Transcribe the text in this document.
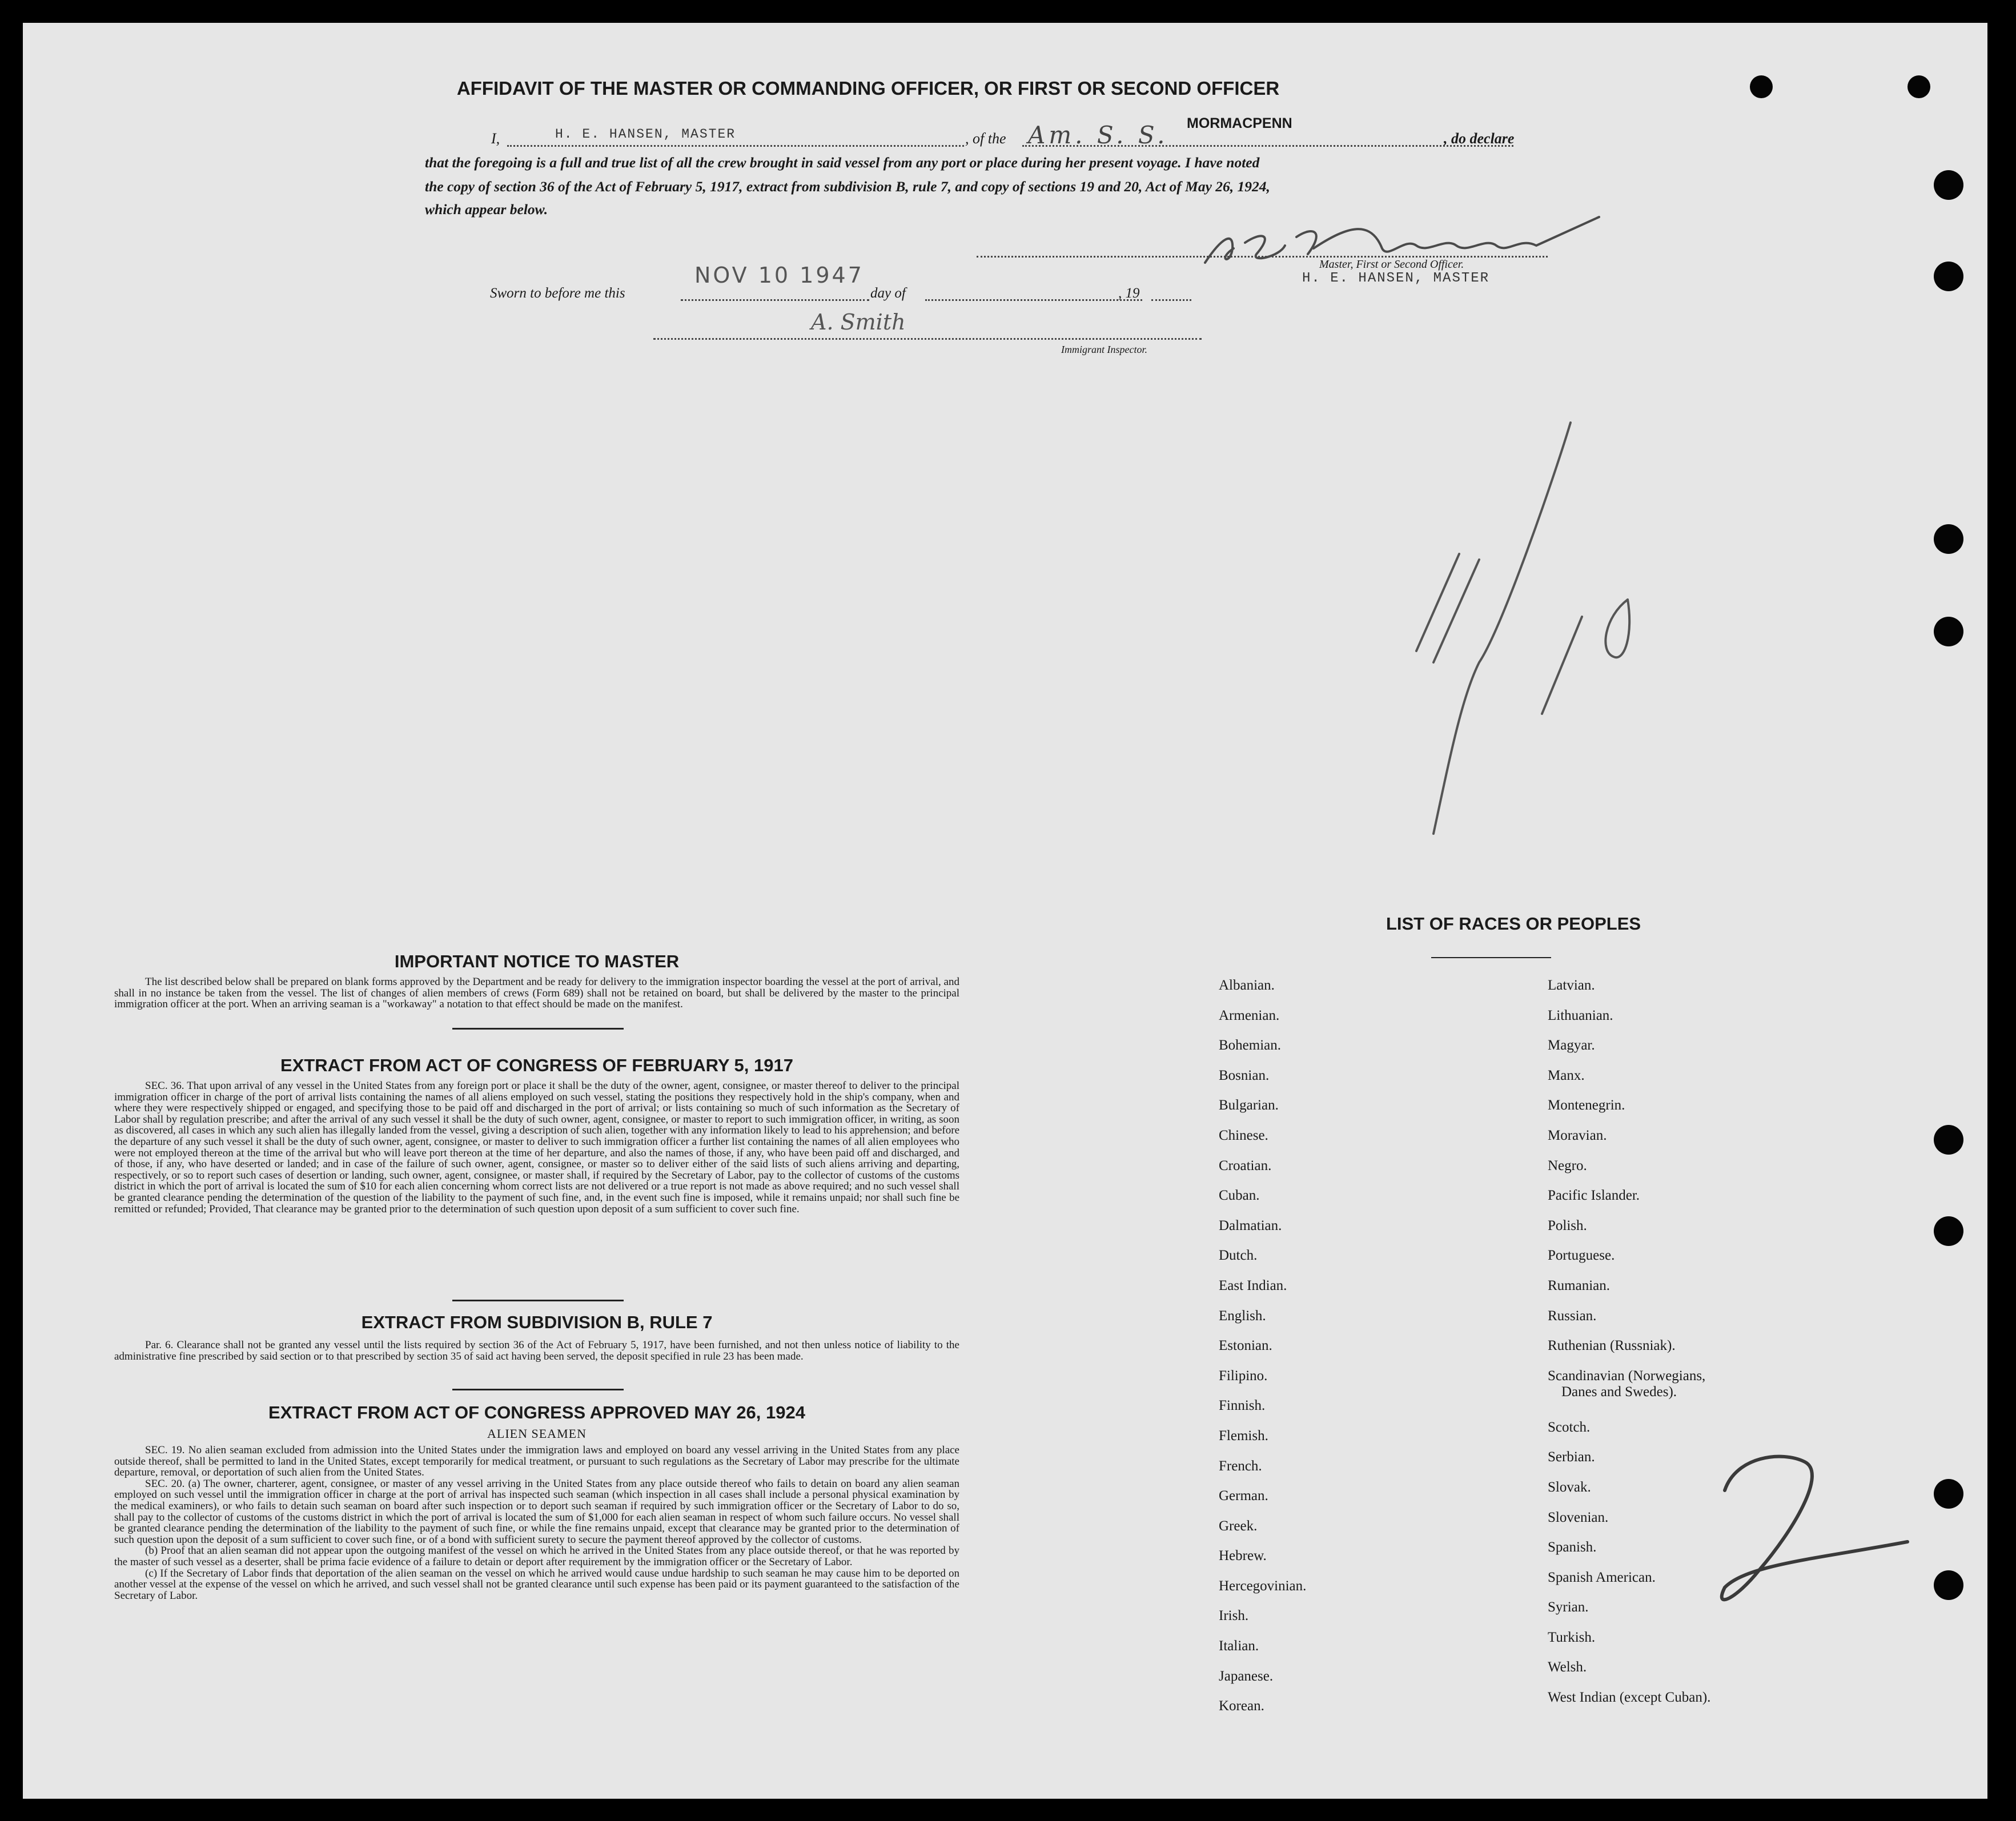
AFFIDAVIT OF THE MASTER OR COMMANDING OFFICER, OR FIRST OR SECOND OFFICER
I,	H. E. HANSEN, MASTER	, of the Am. S. S. MORMACPENN
, do declare
that the foregoing is a full and true list of all the crew brought in said vessel from any port or place during her present voyage. I have noted
the copy of section 36 of the Act of February 5, 1917, extract from subdivision B, rule 7, and copy of sections 19 and 20, Act of May 26, 1924,
which appear below.
H E Hansen
Master, First or Second Officer.
H. E. HANSEN, MASTER
NOV 10 1947
Sworn to before me this	day of	, 19
A. Smith
Immigrant Inspector.
11/10
2
IMPORTANT NOTICE TO MASTER

The list described below shall be prepared on blank forms approved by the Department and be ready for delivery to the immigration inspector boarding the vessel at the port of arrival, and shall in no instance be taken from the vessel. The list of changes of alien members of crews (Form 689) shall not be retained on board, but shall be delivered by the master to the principal immigration officer at the port. When an arriving seaman is a "workaway" a notation to that effect should be made on the manifest.

EXTRACT FROM ACT OF CONGRESS OF FEBRUARY 5, 1917

SEC. 36. That upon arrival of any vessel in the United States from any foreign port or place it shall be the duty of the owner, agent, consignee, or master thereof to deliver to the principal immigration officer in charge of the port of arrival lists containing the names of all aliens employed on such vessel, stating the positions they respectively hold in the ship's company, when and where they were respectively shipped or engaged, and specifying those to be paid off and discharged in the port of arrival; or lists containing so much of such information as the Secretary of Labor shall by regulation prescribe; and after the arrival of any such vessel it shall be the duty of such owner, agent, consignee, or master to report to such immigration officer, in writing, as soon as discovered, all cases in which any such alien has illegally landed from the vessel, giving a description of such alien, together with any information likely to lead to his apprehension; and before the departure of any such vessel it shall be the duty of such owner, agent, consignee, or master to deliver to such immigration officer a further list containing the names of all alien employees who were not employed thereon at the time of the arrival but who will leave port thereon at the time of her departure, and also the names of those, if any, who have been paid off and discharged, and of those, if any, who have deserted or landed; and in case of the failure of such owner, agent, consignee, or master so to deliver either of the said lists of such aliens arriving and departing, respectively, or so to report such cases of desertion or landing, such owner, agent, consignee, or master shall, if required by the Secretary of Labor, pay to the collector of customs of the customs district in which the port of arrival is located the sum of $10 for each alien concerning whom correct lists are not delivered or a true report is not made as above required; and no such vessel shall be granted clearance pending the determination of the question of the liability to the payment of such fine, and, in the event such fine is imposed, while it remains unpaid; nor shall such fine be remitted or refunded; Provided, That clearance may be granted prior to the determination of such question upon deposit of a sum sufficient to cover such fine.

EXTRACT FROM SUBDIVISION B, RULE 7

Par. 6. Clearance shall not be granted any vessel until the lists required by section 36 of the Act of February 5, 1917, have been furnished, and not then unless notice of liability to the administrative fine prescribed by said section or to that prescribed by section 35 of said act having been served, the deposit specified in rule 23 has been made.

EXTRACT FROM ACT OF CONGRESS APPROVED MAY 26, 1924
ALIEN SEAMEN

SEC. 19. No alien seaman excluded from admission into the United States under the immigration laws and employed on board any vessel arriving in the United States from any place outside thereof, shall be permitted to land in the United States, except temporarily for medical treatment, or pursuant to such regulations as the Secretary of Labor may prescribe for the ultimate departure, removal, or deportation of such alien from the United States.

SEC. 20. (a) The owner, charterer, agent, consignee, or master of any vessel arriving in the United States from any place outside thereof who fails to detain on board any alien seaman employed on such vessel until the immigration officer in charge at the port of arrival has inspected such seaman (which inspection in all cases shall include a personal physical examination by the medical examiners), or who fails to detain such seaman on board after such inspection or to deport such seaman if required by such immigration officer or the Secretary of Labor to do so, shall pay to the collector of customs of the customs district in which the port of arrival is located the sum of $1,000 for each alien seaman in respect of whom such failure occurs. No vessel shall be granted clearance pending the determination of the liability to the payment of such fine, or while the fine remains unpaid, except that clearance may be granted prior to the determination of such question upon the deposit of a sum sufficient to cover such fine, or of a bond with sufficient surety to secure the payment thereof approved by the collector of customs.

(b) Proof that an alien seaman did not appear upon the outgoing manifest of the vessel on which he arrived in the United States from any place outside thereof, or that he was reported by the master of such vessel as a deserter, shall be prima facie evidence of a failure to detain or deport after requirement by the immigration officer or the Secretary of Labor.

(c) If the Secretary of Labor finds that deportation of the alien seaman on the vessel on which he arrived would cause undue hardship to such seaman he may cause him to be deported on another vessel at the expense of the vessel on which he arrived, and such vessel shall not be granted clearance until such expense has been paid or its payment guaranteed to the satisfaction of the Secretary of Labor.

LIST OF RACES OR PEOPLES
Albanian.
Armenian.
Bohemian.
Bosnian.
Bulgarian.
Chinese.
Croatian.
Cuban.
Dalmatian.
Dutch.
East Indian.
English.
Estonian.
Filipino.
Finnish.
Flemish.
French.
German.
Greek.
Hebrew.
Hercegovinian.
Irish.
Italian.
Japanese.
Korean.
Latvian.
Lithuanian.
Magyar.
Manx.
Montenegrin.
Moravian.
Negro.
Pacific Islander.
Polish.
Portuguese.
Rumanian.
Russian.
Ruthenian (Russniak).
Scandinavian (Norwegians,
Danes and Swedes).
Scotch.
Serbian.
Slovak.
Slovenian.
Spanish.
Spanish American.
Syrian.
Turkish.
Welsh.
West Indian (except Cuban).
